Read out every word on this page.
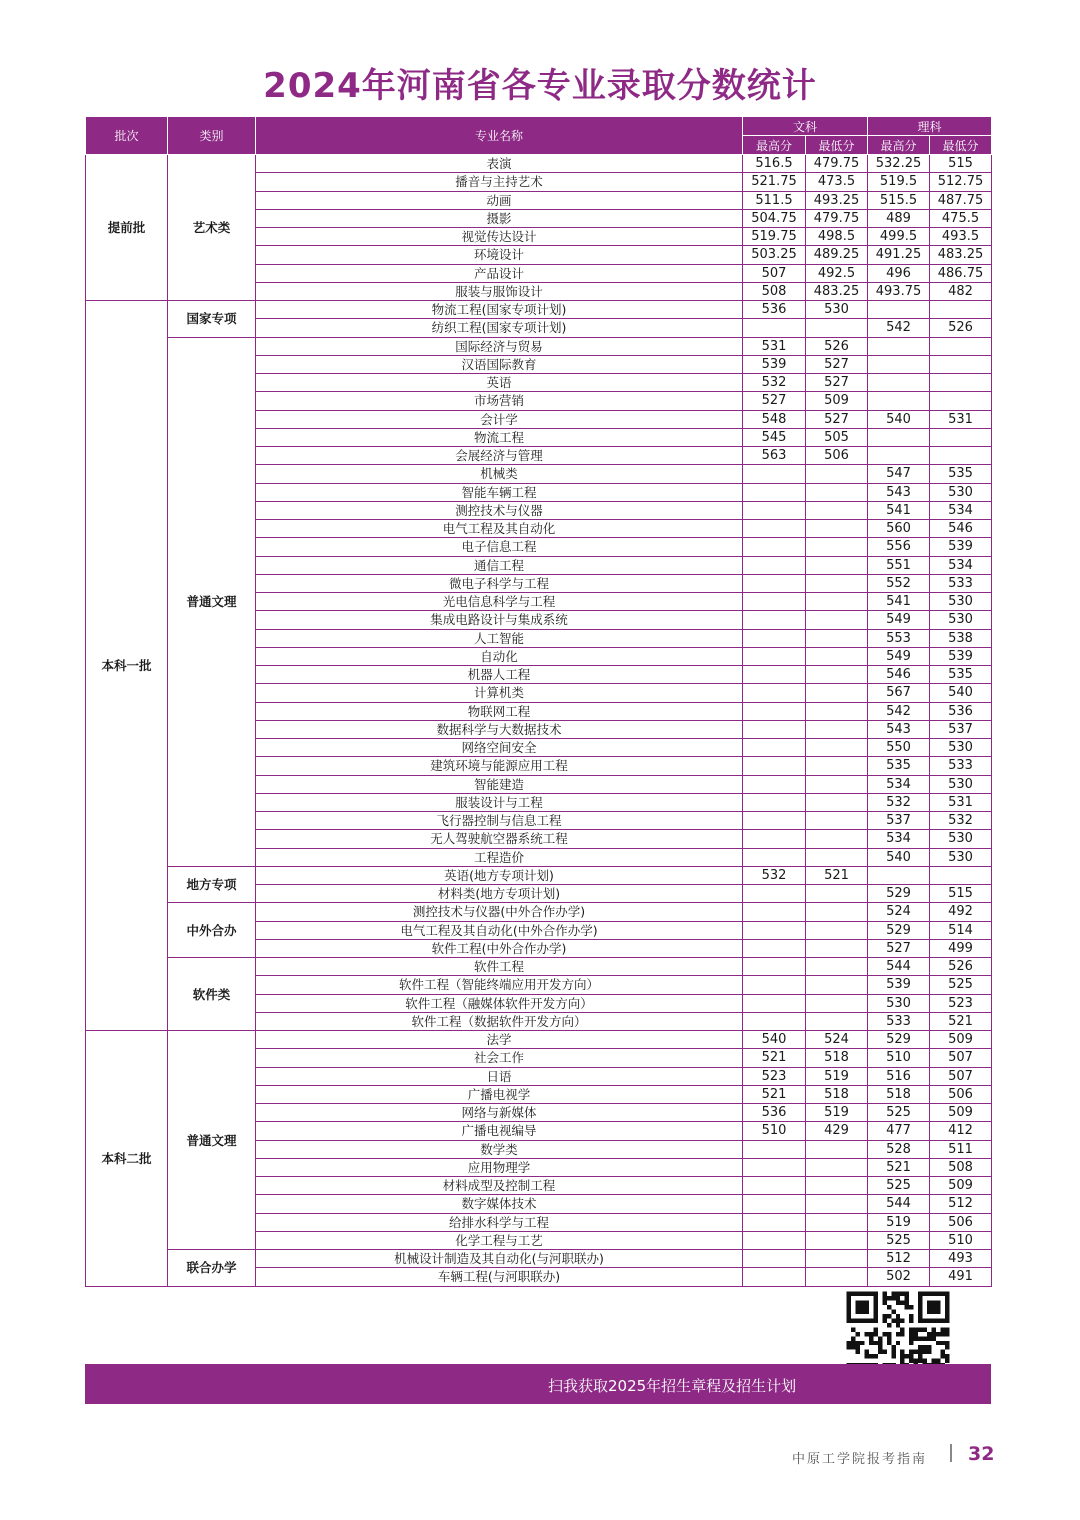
2024年河南省各专业录取分数统计
批次	类别	专业名称	文科		理科	
			最高分	最低分	最高分	最低分
提前批	艺术类	表演	516.5	479.75	532.25	515
		播音与主持艺术	521.75	473.5	519.5	512.75
		动画	511.5	493.25	515.5	487.75
		摄影	504.75	479.75	489	475.5
		视觉传达设计	519.75	498.5	499.5	493.5
		环境设计	503.25	489.25	491.25	483.25
		产品设计	507	492.5	496	486.75
		服装与服饰设计	508	483.25	493.75	482
本科一批	国家专项	物流工程(国家专项计划)	536	530		
		纺织工程(国家专项计划)			542	526
	普通文理	国际经济与贸易	531	526		
		汉语国际教育	539	527		
		英语	532	527		
		市场营销	527	509		
		会计学	548	527	540	531
		物流工程	545	505		
		会展经济与管理	563	506		
		机械类			547	535
		智能车辆工程			543	530
		测控技术与仪器			541	534
		电气工程及其自动化			560	546
		电子信息工程			556	539
		通信工程			551	534
		微电子科学与工程			552	533
		光电信息科学与工程			541	530
		集成电路设计与集成系统			549	530
		人工智能			553	538
		自动化			549	539
		机器人工程			546	535
		计算机类			567	540
		物联网工程			542	536
		数据科学与大数据技术			543	537
		网络空间安全			550	530
		建筑环境与能源应用工程			535	533
		智能建造			534	530
		服装设计与工程			532	531
		飞行器控制与信息工程			537	532
		无人驾驶航空器系统工程			534	530
		工程造价			540	530
	地方专项	英语(地方专项计划)	532	521		
		材料类(地方专项计划)			529	515
	中外合办	测控技术与仪器(中外合作办学)			524	492
		电气工程及其自动化(中外合作办学)			529	514
		软件工程(中外合作办学)			527	499
	软件类	软件工程			544	526
		软件工程（智能终端应用开发方向）			539	525
		软件工程（融媒体软件开发方向）			530	523
		软件工程（数据软件开发方向）			533	521
本科二批	普通文理	法学	540	524	529	509
		社会工作	521	518	510	507
		日语	523	519	516	507
		广播电视学	521	518	518	506
		网络与新媒体	536	519	525	509
		广播电视编导	510	429	477	412
		数学类			528	511
		应用物理学			521	508
		材料成型及控制工程			525	509
		数字媒体技术			544	512
		给排水科学与工程			519	506
		化学工程与工艺			525	510
	联合办学	机械设计制造及其自动化(与河职联办)			512	493
		车辆工程(与河职联办)			502	491
扫我获取2025年招生章程及招生计划
中原工学院报考指南 32
